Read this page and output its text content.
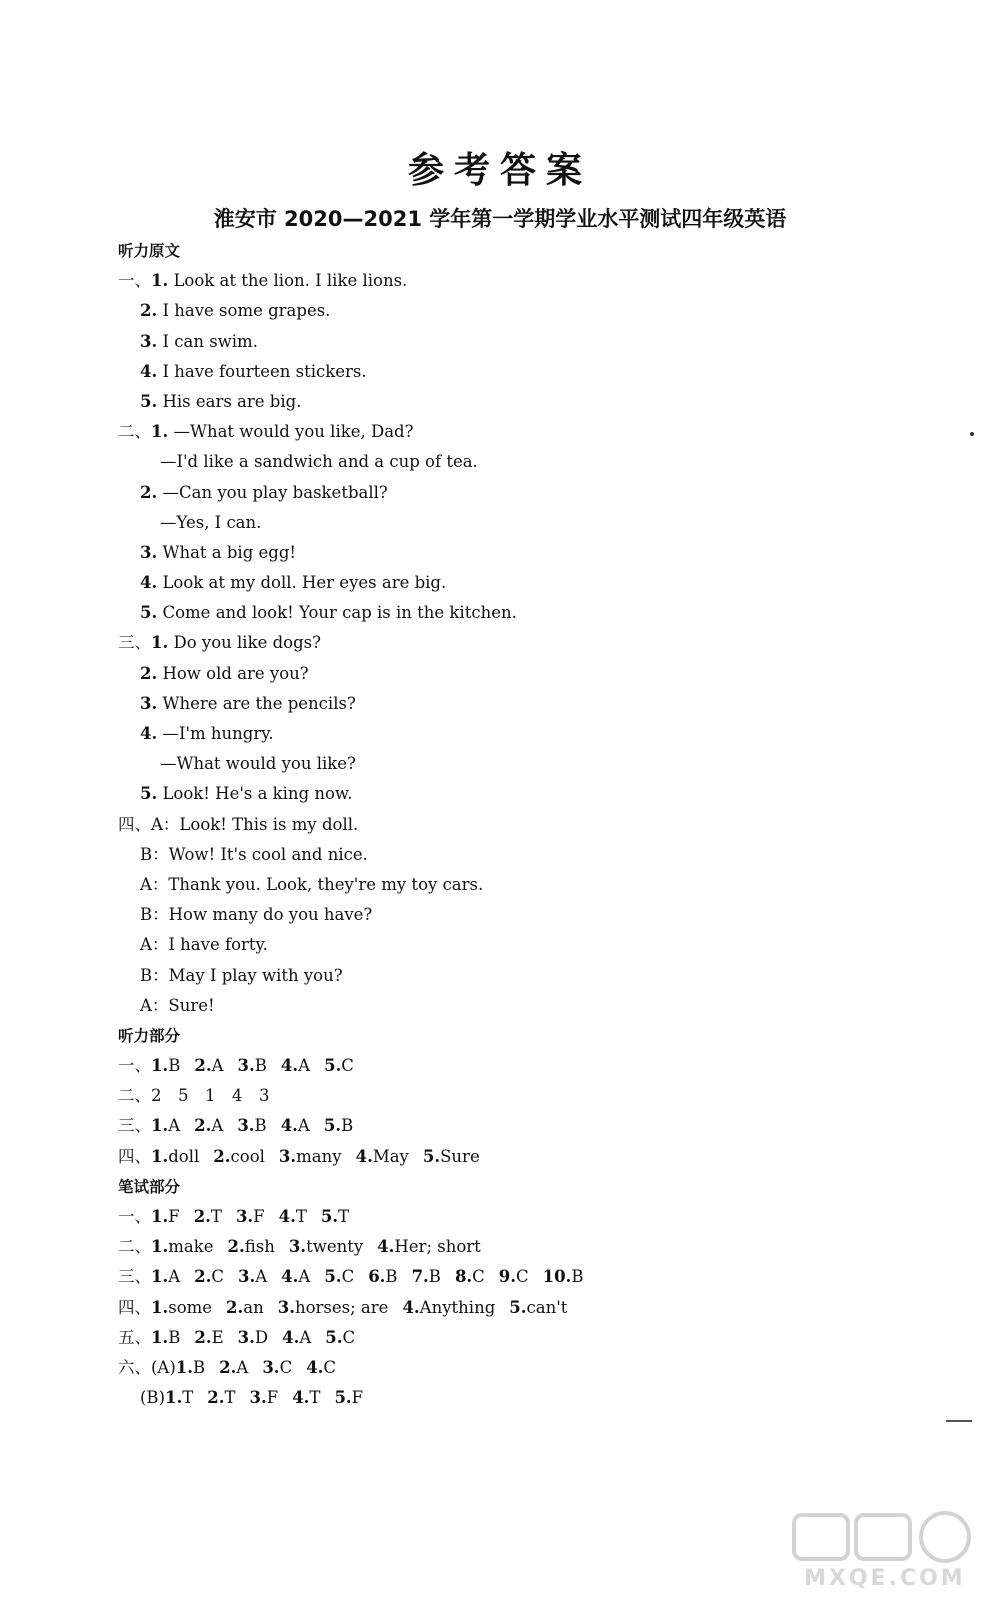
参考答案
淮安市 2020—2021 学年第一学期学业水平测试四年级英语
听力原文
一、1. Look at the lion. I like lions.
2. I have some grapes.
3. I can swim.
4. I have fourteen stickers.
5. His ears are big.
二、1. —What would you like, Dad?
—I'd like a sandwich and a cup of tea.
2. —Can you play basketball?
—Yes, I can.
3. What a big egg!
4. Look at my doll. Her eyes are big.
5. Come and look! Your cap is in the kitchen.
三、1. Do you like dogs?
2. How old are you?
3. Where are the pencils?
4. —I'm hungry.
—What would you like?
5. Look! He's a king now.
四、A：Look! This is my doll.
B：Wow! It's cool and nice.
A：Thank you. Look, they're my toy cars.
B：How many do you have?
A：I have forty.
B：May I play with you?
A：Sure!
听力部分
一、1.B 2.A 3.B 4.A 5.C
二、2　5　1　4　3
三、1.A 2.A 3.B 4.A 5.B
四、1.doll 2.cool 3.many 4.May 5.Sure
笔试部分
一、1.F 2.T 3.F 4.T 5.T
二、1.make 2.fish 3.twenty 4.Her; short
三、1.A 2.C 3.A 4.A 5.C 6.B 7.B 8.C 9.C 10.B
四、1.some 2.an 3.horses; are 4.Anything 5.can't
五、1.B 2.E 3.D 4.A 5.C
六、(A)1.B 2.A 3.C 4.C
(B)1.T 2.T 3.F 4.T 5.F
MXQE.COM
